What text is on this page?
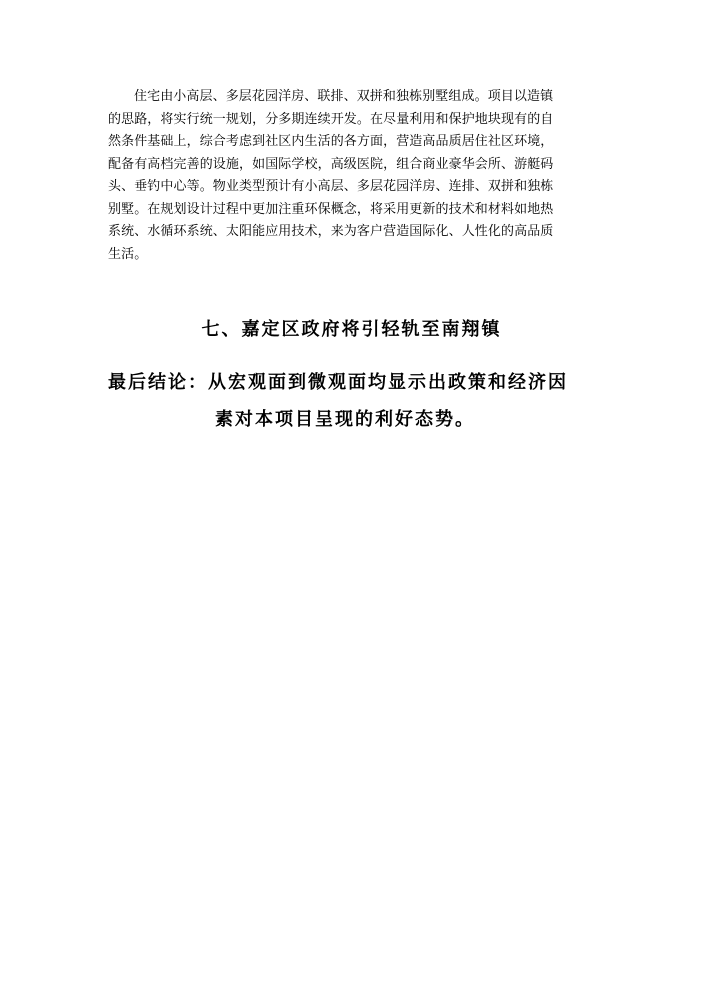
住宅由小高层、多层花园洋房、联排、双拼和独栋别墅组成。项目以造镇
的思路，将实行统一规划，分多期连续开发。在尽量利用和保护地块现有的自
然条件基础上，综合考虑到社区内生活的各方面，营造高品质居住社区环境，
配备有高档完善的设施，如国际学校，高级医院，组合商业豪华会所、游艇码
头、垂钓中心等。物业类型预计有小高层、多层花园洋房、连排、双拼和独栋
别墅。在规划设计过程中更加注重环保概念，将采用更新的技术和材料如地热
系统、水循环系统、太阳能应用技术，来为客户营造国际化、人性化的高品质
生活。
七、嘉定区政府将引轻轨至南翔镇
最后结论：从宏观面到微观面均显示出政策和经济因
素对本项目呈现的利好态势。
